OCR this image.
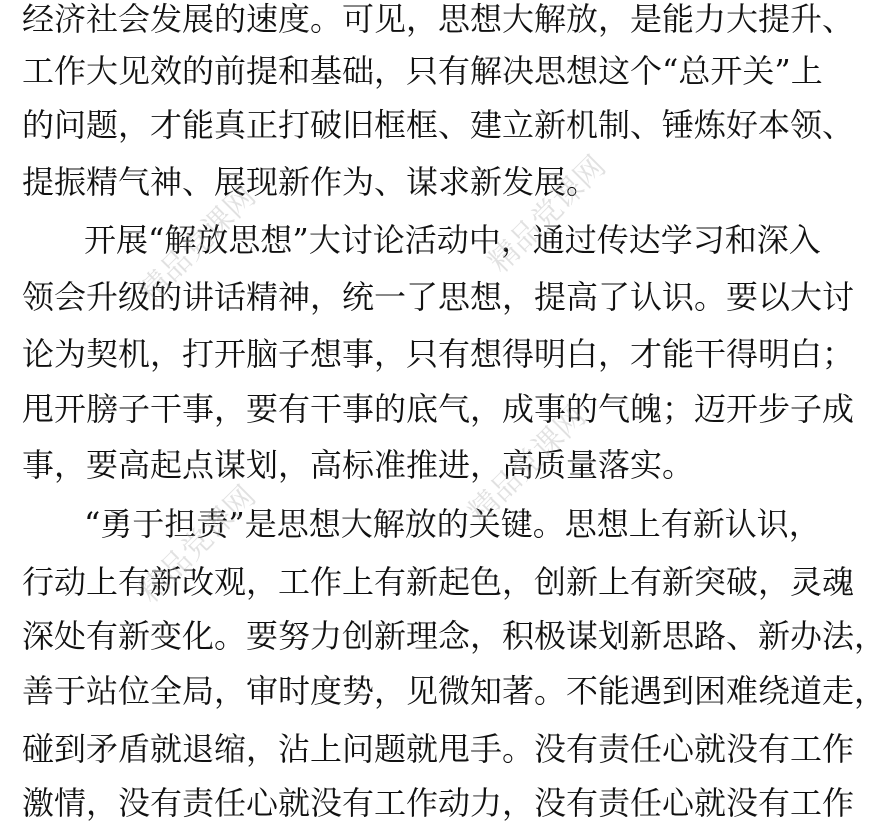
经济社会发展的速度。可见，思想大解放，是能力大提升、
工作大见效的前提和基础，只有解决思想这个“总开关”上
的问题，才能真正打破旧框框、建立新机制、锤炼好本领、
提振精气神、展现新作为、谋求新发展。
开展“解放思想”大讨论活动中，通过传达学习和深入
领会升级的讲话精神，统一了思想，提高了认识。要以大讨
论为契机，打开脑子想事，只有想得明白，才能干得明白；
甩开膀子干事，要有干事的底气，成事的气魄；迈开步子成
事，要高起点谋划，高标准推进，高质量落实。
“勇于担责”是思想大解放的关键。思想上有新认识，
行动上有新改观，工作上有新起色，创新上有新突破，灵魂
深处有新变化。要努力创新理念，积极谋划新思路、新办法，
善于站位全局，审时度势，见微知著。不能遇到困难绕道走，
碰到矛盾就退缩，沾上问题就甩手。没有责任心就没有工作
激情，没有责任心就没有工作动力，没有责任心就没有工作
精品党课网	精品党课网
精品党课网
精品党课网
